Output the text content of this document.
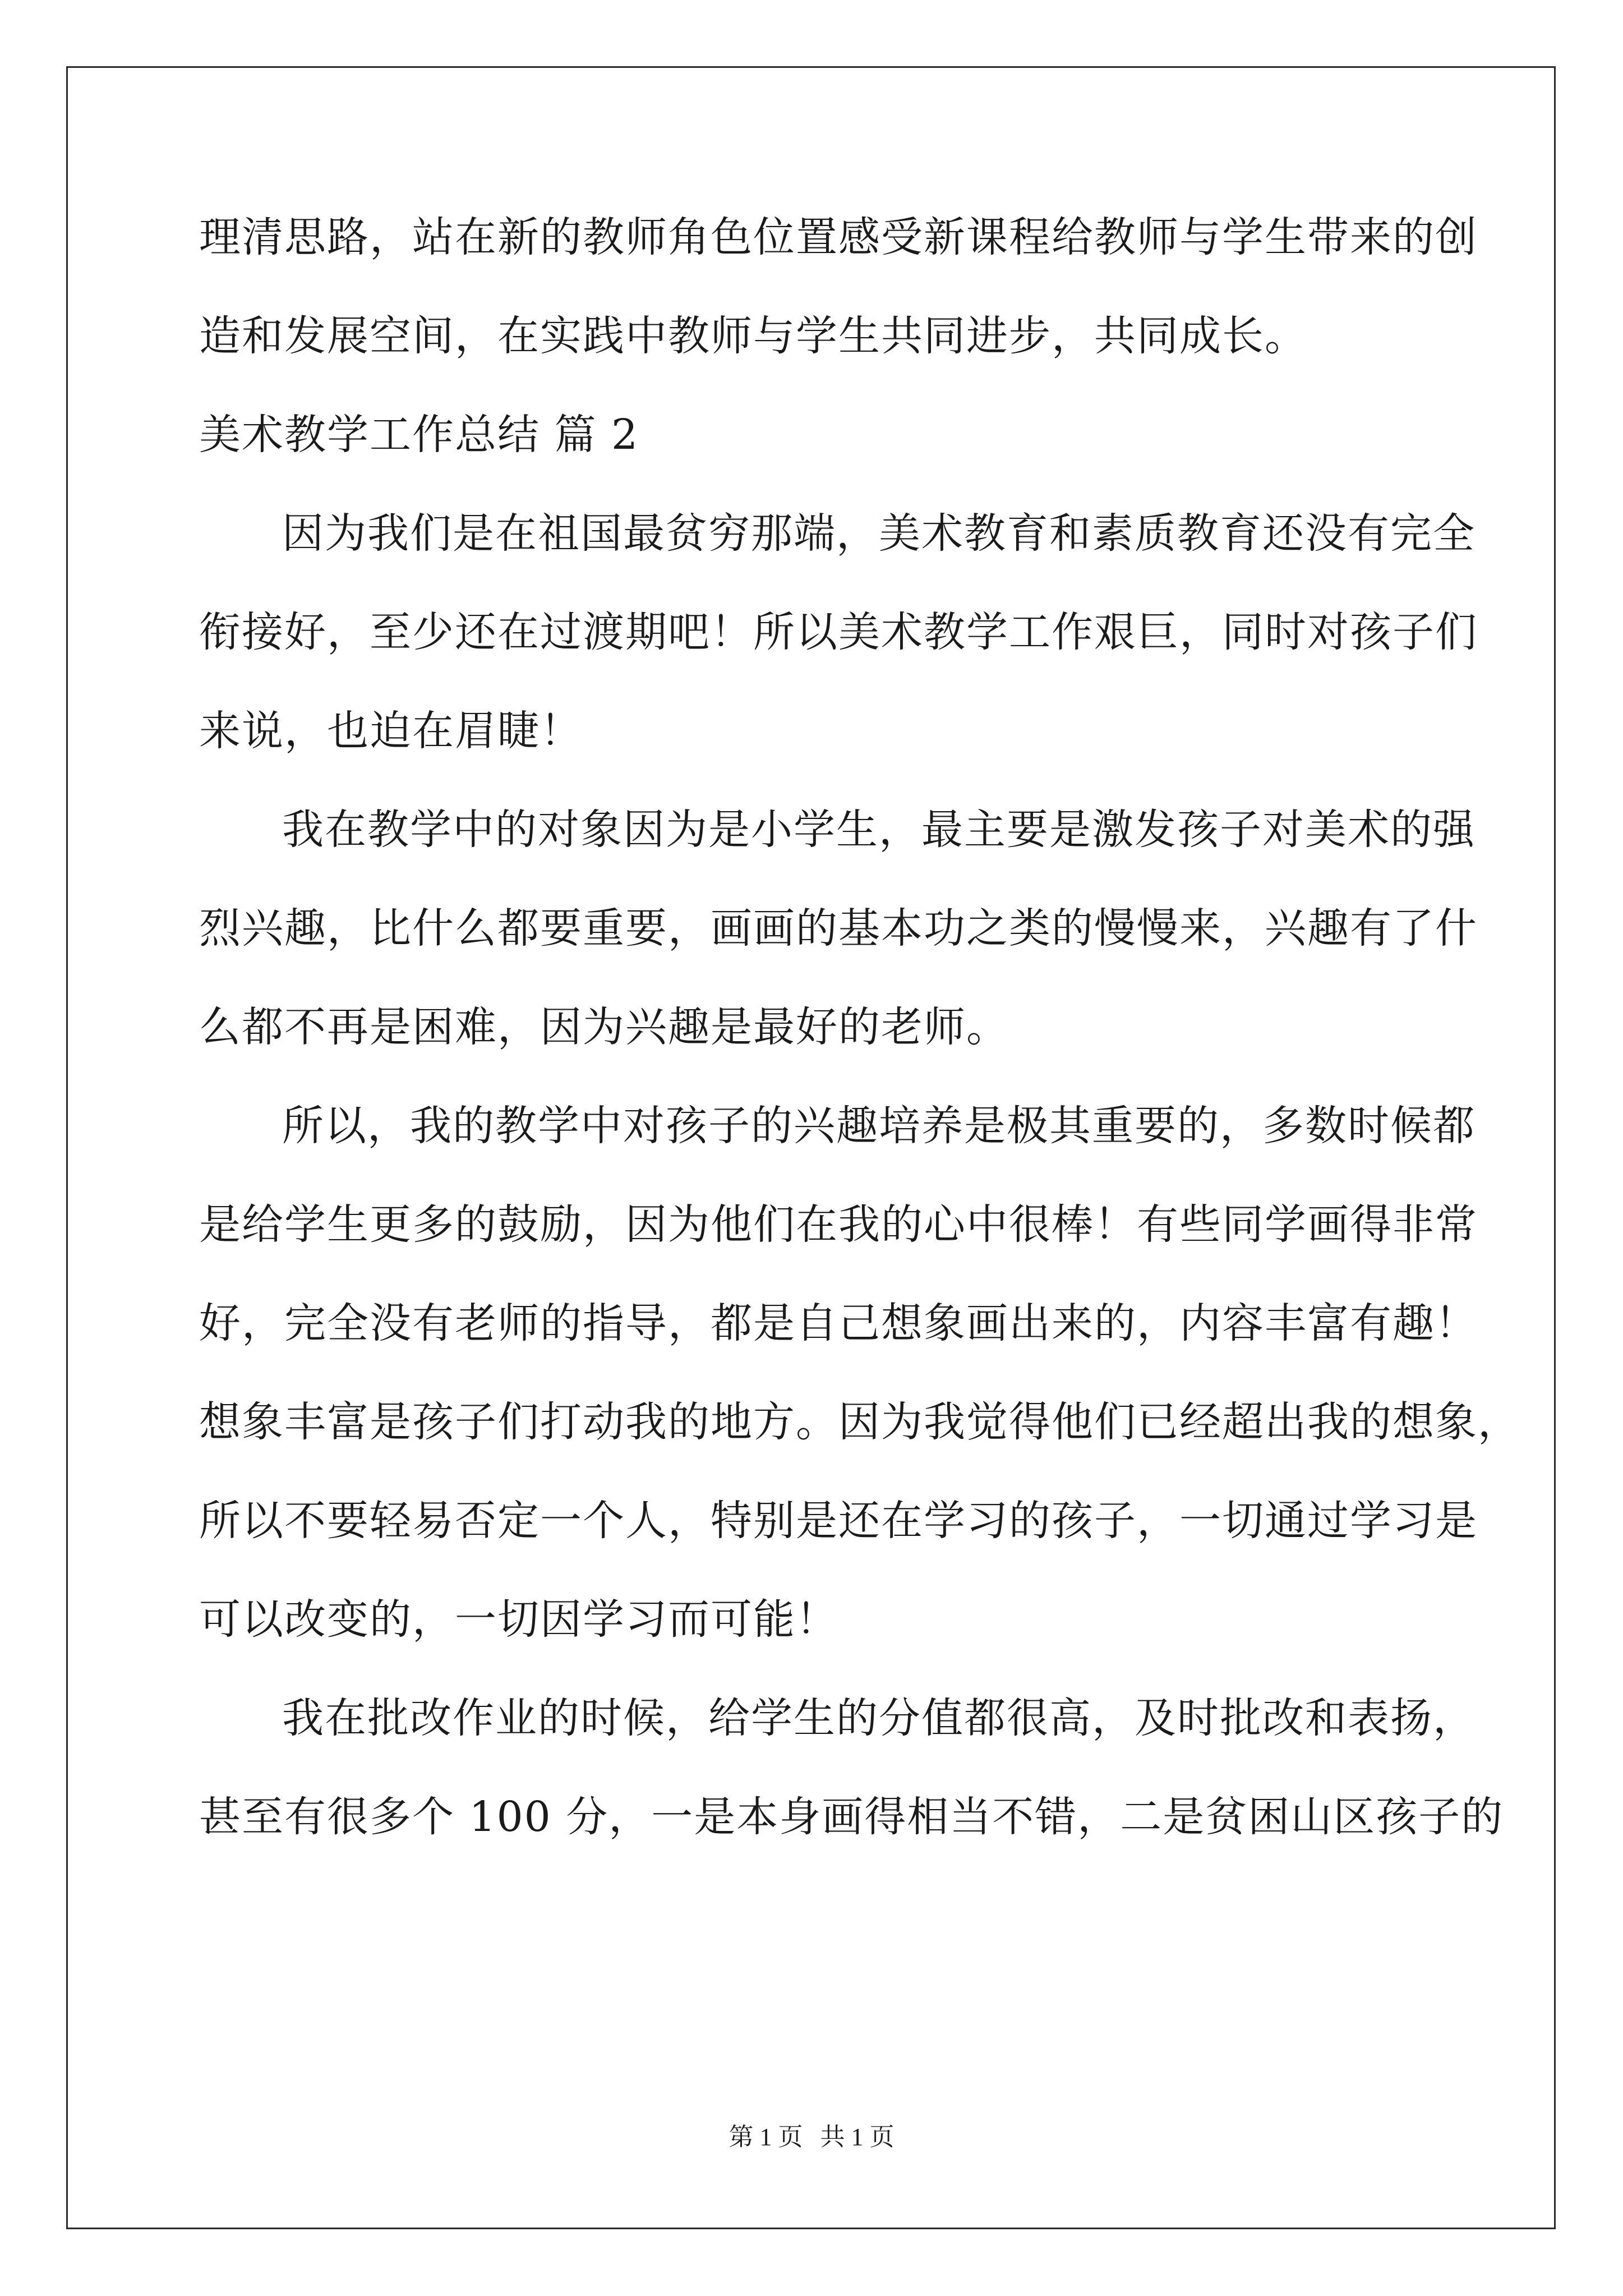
理清思路，站在新的教师角色位置感受新课程给教师与学生带来的创
造和发展空间，在实践中教师与学生共同进步，共同成长。
美术教学工作总结 篇 2
因为我们是在祖国最贫穷那端，美术教育和素质教育还没有完全
衔接好，至少还在过渡期吧！所以美术教学工作艰巨，同时对孩子们
来说，也迫在眉睫！
我在教学中的对象因为是小学生，最主要是激发孩子对美术的强
烈兴趣，比什么都要重要，画画的基本功之类的慢慢来，兴趣有了什
么都不再是困难，因为兴趣是最好的老师。
所以，我的教学中对孩子的兴趣培养是极其重要的，多数时候都
是给学生更多的鼓励，因为他们在我的心中很棒！有些同学画得非常
好，完全没有老师的指导，都是自己想象画出来的，内容丰富有趣！
想象丰富是孩子们打动我的地方。因为我觉得他们已经超出我的想象，
所以不要轻易否定一个人，特别是还在学习的孩子，一切通过学习是
可以改变的，一切因学习而可能！
我在批改作业的时候，给学生的分值都很高，及时批改和表扬，
甚至有很多个 100 分，一是本身画得相当不错，二是贫困山区孩子的
第 1 页 共 1 页
